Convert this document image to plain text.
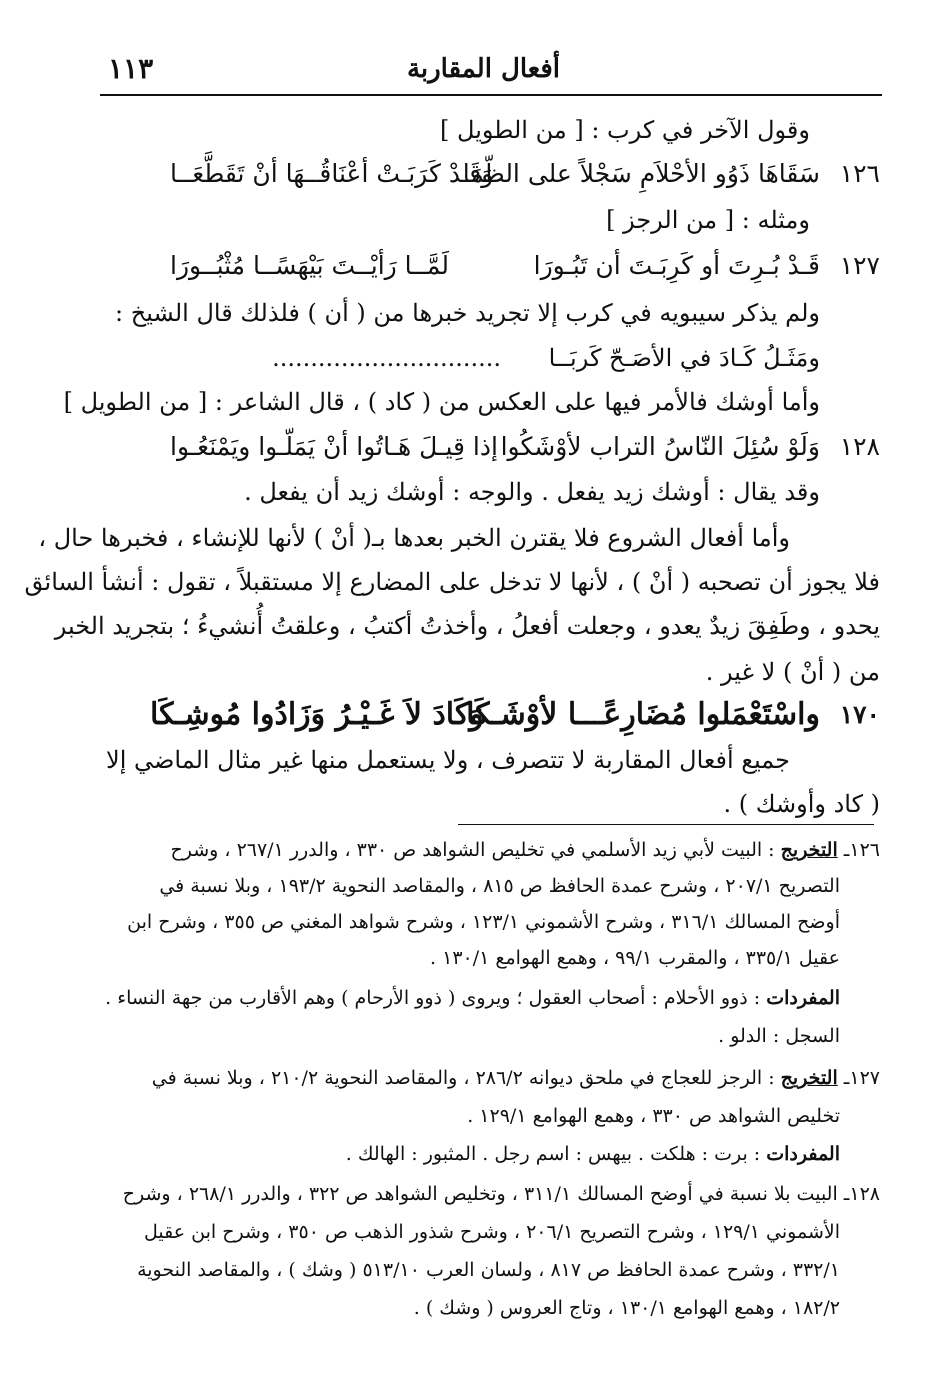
أفعال المقاربة
١١٣
وقول الآخر في كرب : [ من الطويل ]
١٢٦
سَقَاهَا ذَوُو الأحْلاَمِ سَجْلاً على الظّمَا
وَقَـدْ كَرَبَـتْ أعْنَاقُــهَا أنْ تَقَطَّعَــا
ومثله : [ من الرجز ]
١٢٧
قَـدْ بُـرِتَ أو كَرِبَـتَ أن تَبُـورَا
لَمَّــا رَأيْــتَ بَيْهَسًــا مُثْبُــورَا
ولم يذكر سيبويه في كرب إلا تجريد خبرها من ( أن ) فلذلك قال الشيخ :
ومَثَـلُ كَـادَ في الأصَـحّ كَربَــا ..............................
وأما أوشك فالأمر فيها على العكس من ( كاد ) ، قال الشاعر : [ من الطويل ]
١٢٨
وَلَوْ سُئِلَ النّاسُ التراب لأوْشَكُوا
إذا قِيـلَ هَـاتُوا أنْ يَمَلّـوا ويَمْنَعُـوا
وقد يقال : أوشك زيد يفعل . والوجه : أوشك زيد أن يفعل .
وأما أفعال الشروع فلا يقترن الخبر بعدها بـ( أنْ ) لأنها للإنشاء ، فخبرها حال ،
فلا يجوز أن تصحبه ( أنْ ) ، لأنها لا تدخل على المضارع إلا مستقبلاً ، تقول : أنشأ السائق
يحدو ، وطَفِقَ زيدٌ يعدو ، وجعلت أفعلُ ، وأخذتُ أكتبُ ، وعلقتُ أُنشيءُ ؛ بتجريد الخبر
من ( أنْ ) لا غير .
١٧٠
واسْتَعْمَلوا مُضَارِعًـــا لأوْشَـكَا
وَكَادَ لاَ غَـيْـرُ وَزَادُوا مُوشِـكَا
جميع أفعال المقاربة لا تتصرف ، ولا يستعمل منها غير مثال الماضي إلا
( كاد وأوشك ) .
١٢٦ـ التخريج : البيت لأبي زيد الأسلمي في تخليص الشواهد ص ٣٣٠ ، والدرر ٢٦٧/١ ، وشرح
التصريح ٢٠٧/١ ، وشرح عمدة الحافظ ص ٨١٥ ، والمقاصد النحوية ١٩٣/٢ ، وبلا نسبة في
أوضح المسالك ٣١٦/١ ، وشرح الأشموني ١٢٣/١ ، وشرح شواهد المغني ص ٣٥٥ ، وشرح ابن
عقيل ٣٣٥/١ ، والمقرب ٩٩/١ ، وهمع الهوامع ١٣٠/١ .
المفردات : ذوو الأحلام : أصحاب العقول ؛ ويروى ( ذوو الأرحام ) وهم الأقارب من جهة النساء .
السجل : الدلو .
١٢٧ـ التخريج : الرجز للعجاج في ملحق ديوانه ٢٨٦/٢ ، والمقاصد النحوية ٢١٠/٢ ، وبلا نسبة في
تخليص الشواهد ص ٣٣٠ ، وهمع الهوامع ١٢٩/١ .
المفردات : برت : هلكت . بيهس : اسم رجل . المثبور : الهالك .
١٢٨ـ البيت بلا نسبة في أوضح المسالك ٣١١/١ ، وتخليص الشواهد ص ٣٢٢ ، والدرر ٢٦٨/١ ، وشرح
الأشموني ١٢٩/١ ، وشرح التصريح ٢٠٦/١ ، وشرح شذور الذهب ص ٣٥٠ ، وشرح ابن عقيل
٣٣٢/١ ، وشرح عمدة الحافظ ص ٨١٧ ، ولسان العرب ٥١٣/١٠ ( وشك ) ، والمقاصد النحوية
١٨٢/٢ ، وهمع الهوامع ١٣٠/١ ، وتاج العروس ( وشك ) .
